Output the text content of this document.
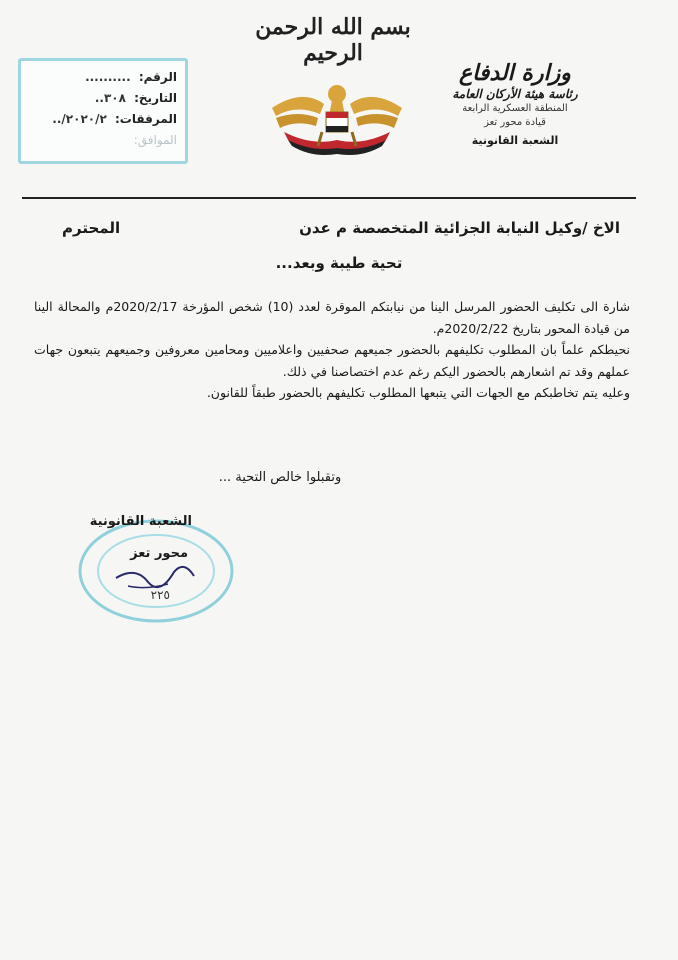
الرقم: ..........
التاريخ: ٣٠٨..
المرفقات: ٢٠٢٠/٢/..
الموافق:
بسم الله الرحمن الرحيم
وزارة الدفاع
رئاسة هيئة الأركان العامة
المنطقة العسكرية الرابعة
قيادة محور تعز
الشعبة القانونية
الاخ /وكيل النيابة الجزائية المتخصصة م عدن
المحترم
تحية طيبة وبعد...

شارة الى تكليف الحضور المرسل الينا من نيابتكم الموقرة لعدد (10) شخص المؤرخة 2020/2/17م والمحالة الينا من قيادة المحور بتاريخ 2020/2/22م.

نحيطكم علماً بان المطلوب تكليفهم بالحضور جميعهم صحفيين واعلاميين ومحامين معروفين وجميعهم يتبعون جهات عملهم وقد تم اشعارهم بالحضور اليكم رغم عدم اختصاصنا في ذلك.

وعليه يتم تخاطبكم مع الجهات التي يتبعها المطلوب تكليفهم بالحضور طبقاً للقانون.

وتقبلوا خالص التحية ...
الشعبة القانونية
محور تعز
٢٢٥
